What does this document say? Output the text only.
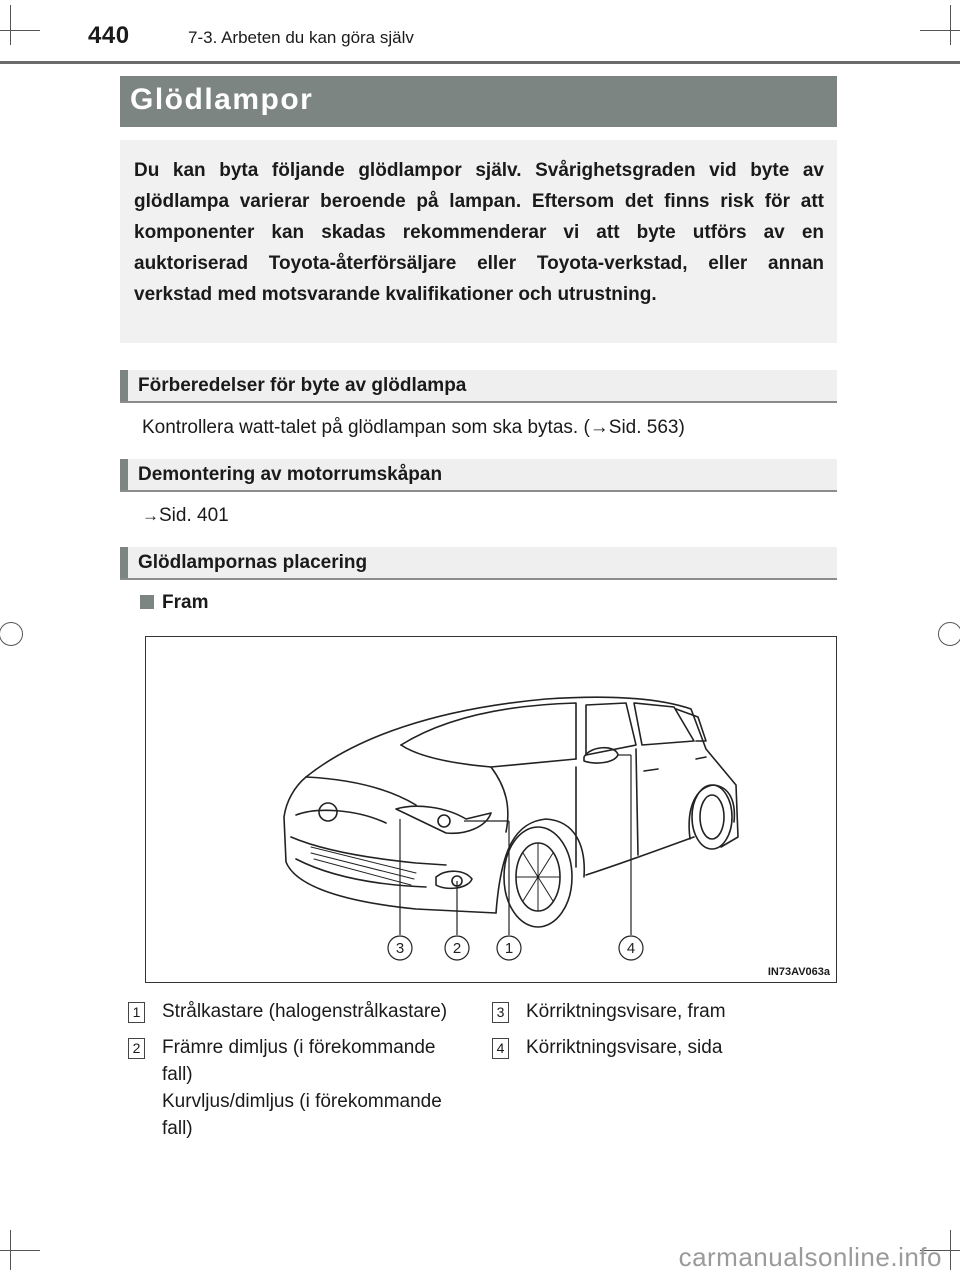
440	7-3. Arbeten du kan göra själv
Glödlampor

Du kan byta följande glödlampor själv. Svårighetsgraden vid byte av glödlampa varierar beroende på lampan. Eftersom det finns risk för att komponenter kan skadas rekommenderar vi att byte utförs av en auktoriserad Toyota-återförsäljare eller Toyota-verkstad, eller annan verkstad med motsvarande kvalifikationer och utrustning.

Förberedelser för byte av glödlampa
Kontrollera watt-talet på glödlampan som ska bytas. (→Sid. 563)
Demontering av motorrumskåpan
→Sid. 401
Glödlampornas placering
Fram
3	2	1	4
IN73AV063a
1 Strålkastare (halogenstrålkastare)
2 Främre dimljus (i förekommande
fall)
Kurvljus/dimljus (i förekommande
fall)
3 Körriktningsvisare, fram
4 Körriktningsvisare, sida
carmanualsonline.info
